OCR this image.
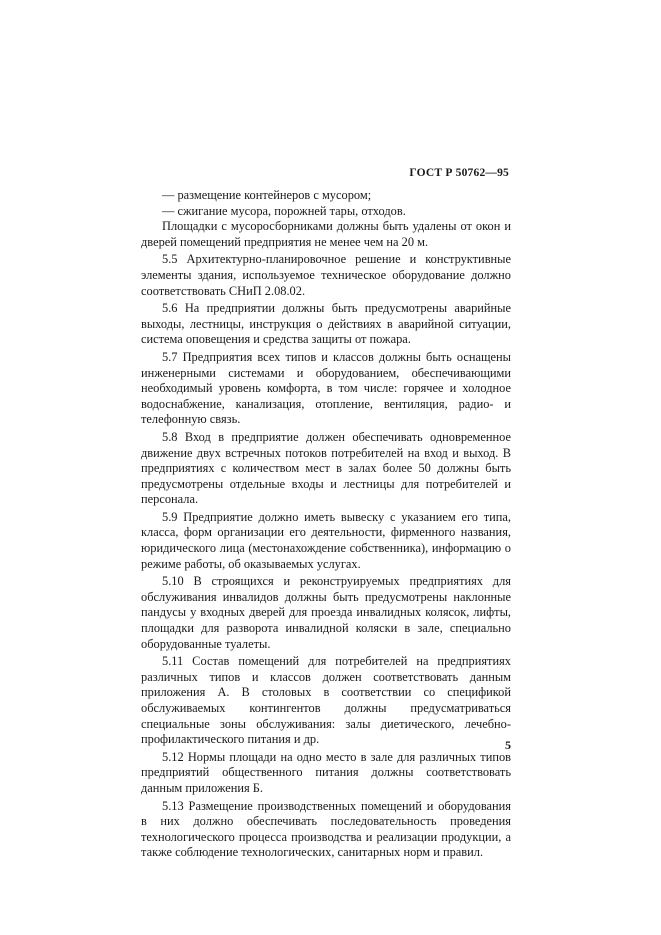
ГОСТ Р 50762—95

— размещение контейнеров с мусором;

— сжигание мусора, порожней тары, отходов.

Площадки с мусоросборниками должны быть удалены от окон и дверей помещений предприятия не менее чем на 20 м.

5.5 Архитектурно-планировочное решение и конструктивные элементы здания, используемое техническое оборудование должно соответствовать СНиП 2.08.02.

5.6 На предприятии должны быть предусмотрены аварийные выходы, лестницы, инструкция о действиях в аварийной ситуации, система оповещения и средства защиты от пожара.

5.7 Предприятия всех типов и классов должны быть оснащены инженерными системами и оборудованием, обеспечивающими необходимый уровень комфорта, в том числе: горячее и холодное водоснабжение, канализация, отопление, вентиляция, радио- и телефонную связь.

5.8 Вход в предприятие должен обеспечивать одновременное движение двух встречных потоков потребителей на вход и выход. В предприятиях с количеством мест в залах более 50 должны быть предусмотрены отдельные входы и лестницы для потребителей и персонала.

5.9 Предприятие должно иметь вывеску с указанием его типа, класса, форм организации его деятельности, фирменного названия, юридического лица (местонахождение собственника), информацию о режиме работы, об оказываемых услугах.

5.10 В строящихся и реконструируемых предприятиях для обслуживания инвалидов должны быть предусмотрены наклонные пандусы у входных дверей для проезда инвалидных колясок, лифты, площадки для разворота инвалидной коляски в зале, специально оборудованные туалеты.

5.11 Состав помещений для потребителей на предприятиях различных типов и классов должен соответствовать данным приложения А. В столовых в соответствии со спецификой обслуживаемых контингентов должны предусматриваться специальные зоны обслуживания: залы диетического, лечебно-профилактического питания и др.

5.12 Нормы площади на одно место в зале для различных типов предприятий общественного питания должны соответствовать данным приложения Б.

5.13 Размещение производственных помещений и оборудования в них должно обеспечивать последовательность проведения технологического процесса производства и реализации продукции, а также соблюдение технологических, санитарных норм и правил.

5
